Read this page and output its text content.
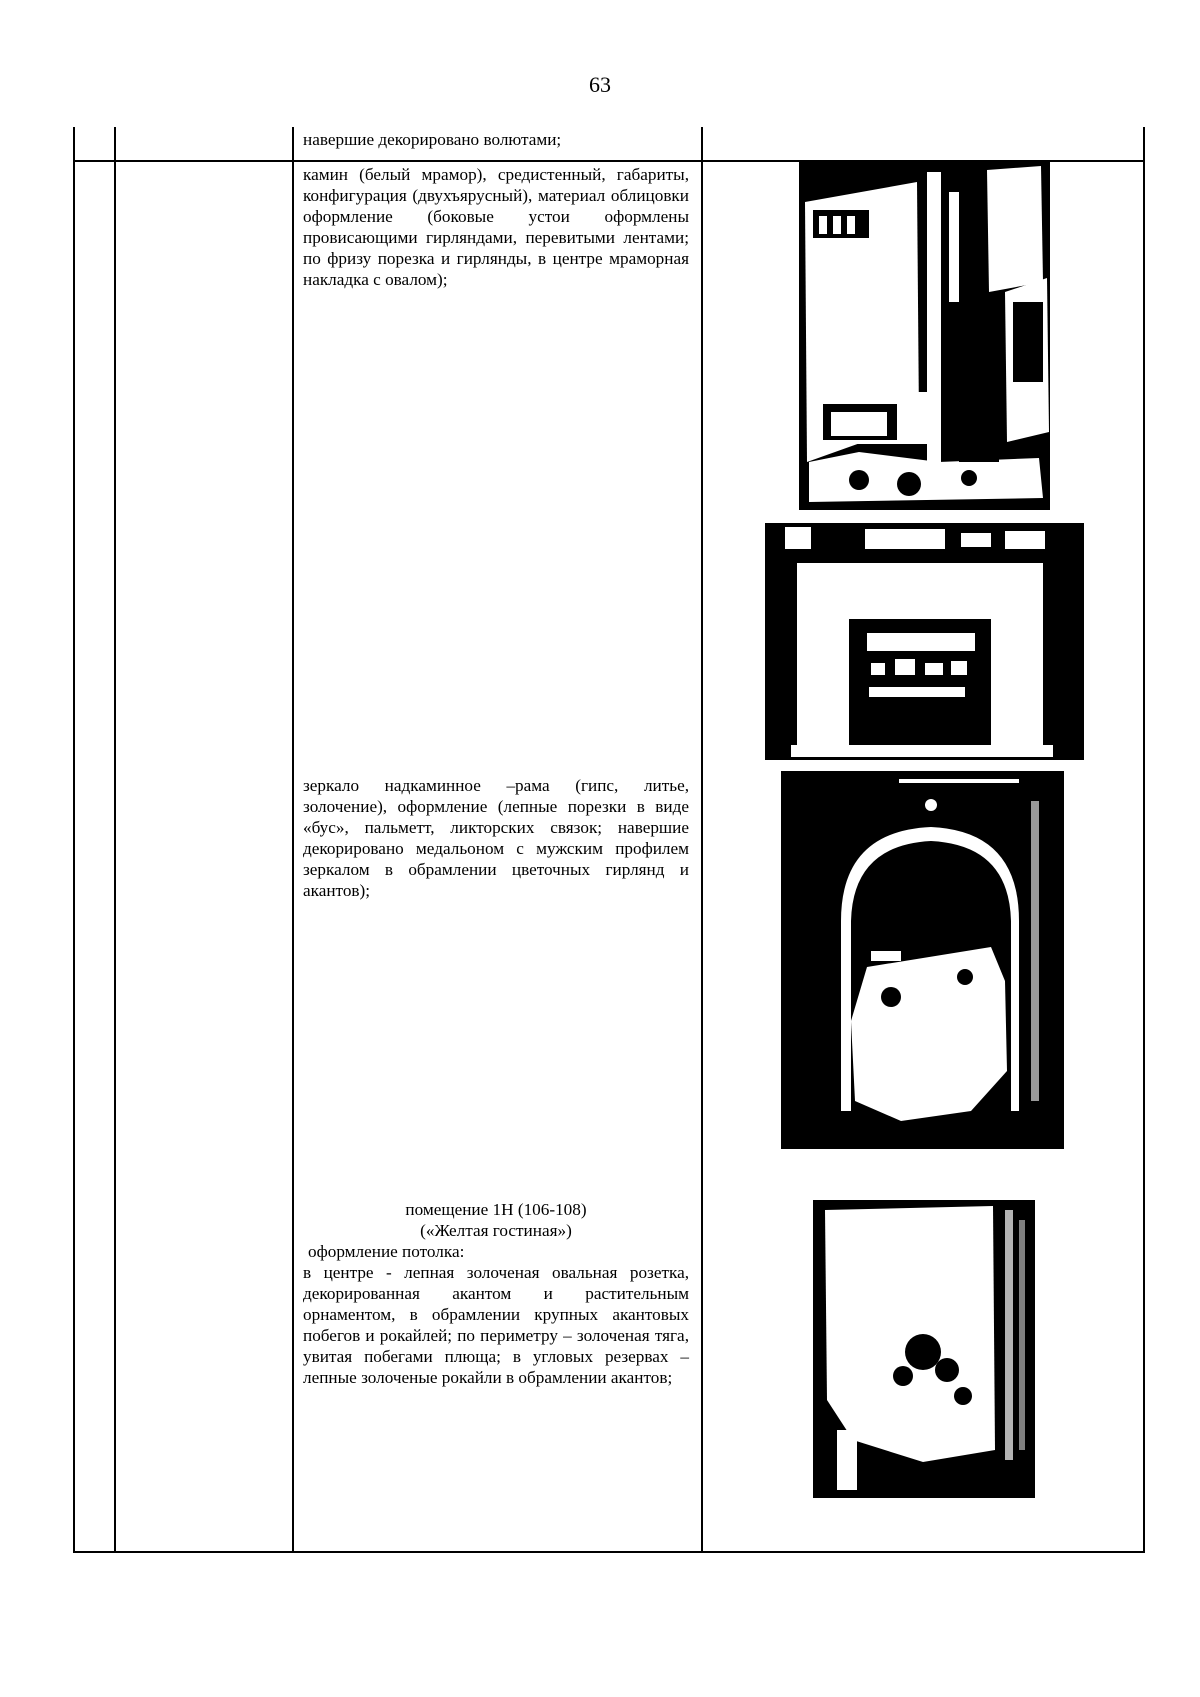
63
навершие декорировано волютами;
камин (белый мрамор), средистенный, габариты, конфигурация (двухъярусный), материал облицовки оформление (боковые устои оформлены провисающими гирляндами, перевитыми лентами; по фризу порезка и гирлянды, в центре мраморная накладка с овалом);
зеркало надкаминное –рама (гипс, литье, золочение), оформление (лепные порезки в виде «бус», пальметт, ликторских связок; навершие декорировано медальоном с мужским профилем зеркалом в обрамлении цветочных гирлянд и акантов);

помещение 1Н (106-108)

(«Желтая гостиная»)

оформление потолка:

в центре - лепная золоченая овальная розетка, декорированная акантом и растительным орнаментом, в обрамлении крупных акантовых побегов и рокайлей; по периметру – золоченая тяга, увитая побегами плюща; в угловых резервах – лепные золоченые рокайли в обрамлении акантов;
